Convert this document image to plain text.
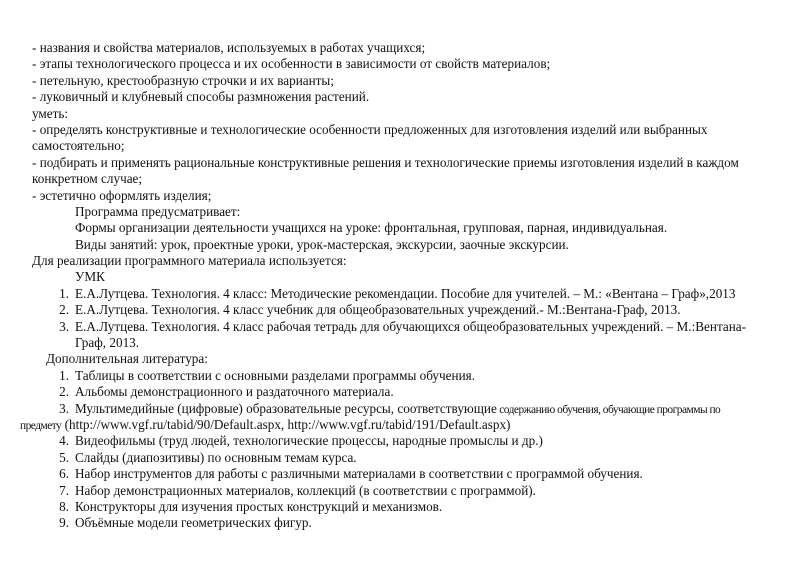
- названия и свойства материалов, используемых в работах учащихся;
- этапы технологического процесса и их особенности в зависимости от свойств материалов;
- петельную, крестообразную строчки и их варианты;
- луковичный и клубневый способы размножения растений.
уметь:
- определять конструктивные и технологические особенности предложенных для изготовления изделий или выбранных
самостоятельно;
- подбирать и применять рациональные конструктивные решения и технологические приемы изготовления изделий в каждом
конкретном случае;
- эстетично оформлять изделия;
Программа предусматривает:
Формы организации деятельности учащихся на уроке: фронтальная, групповая, парная, индивидуальная.
Виды занятий: урок, проектные уроки, урок-мастерская, экскурсии, заочные экскурсии.
Для реализации программного материала используется:
УМК
1. Е.А.Лутцева. Технология. 4 класс: Методические рекомендации. Пособие для учителей. – М.: «Вентана – Граф»,2013
2. Е.А.Лутцева. Технология. 4 класс учебник для общеобразовательных учреждений.- М.:Вентана-Граф, 2013.
3. Е.А.Лутцева. Технология. 4 класс рабочая тетрадь для обучающихся общеобразовательных учреждений. – М.:Вентана-
Граф, 2013.
Дополнительная литература:
1. Таблицы в соответствии с основными разделами программы обучения.
2. Альбомы демонстрационного и раздаточного материала.
3. Мультимедийные (цифровые) образовательные ресурсы, соответствующие содержанию обучения, обучающие программы по
предмету (http://www.vgf.ru/tabid/90/Default.aspx, http://www.vgf.ru/tabid/191/Default.aspx)
4. Видеофильмы (труд людей, технологические процессы, народные промыслы и др.)
5. Слайды (диапозитивы) по основным темам курса.
6. Набор инструментов для работы с различными материалами в соответствии с программой обучения.
7. Набор демонстрационных материалов, коллекций (в соответствии с программой).
8. Конструкторы для изучения простых конструкций и механизмов.
9. Объёмные модели геометрических фигур.
